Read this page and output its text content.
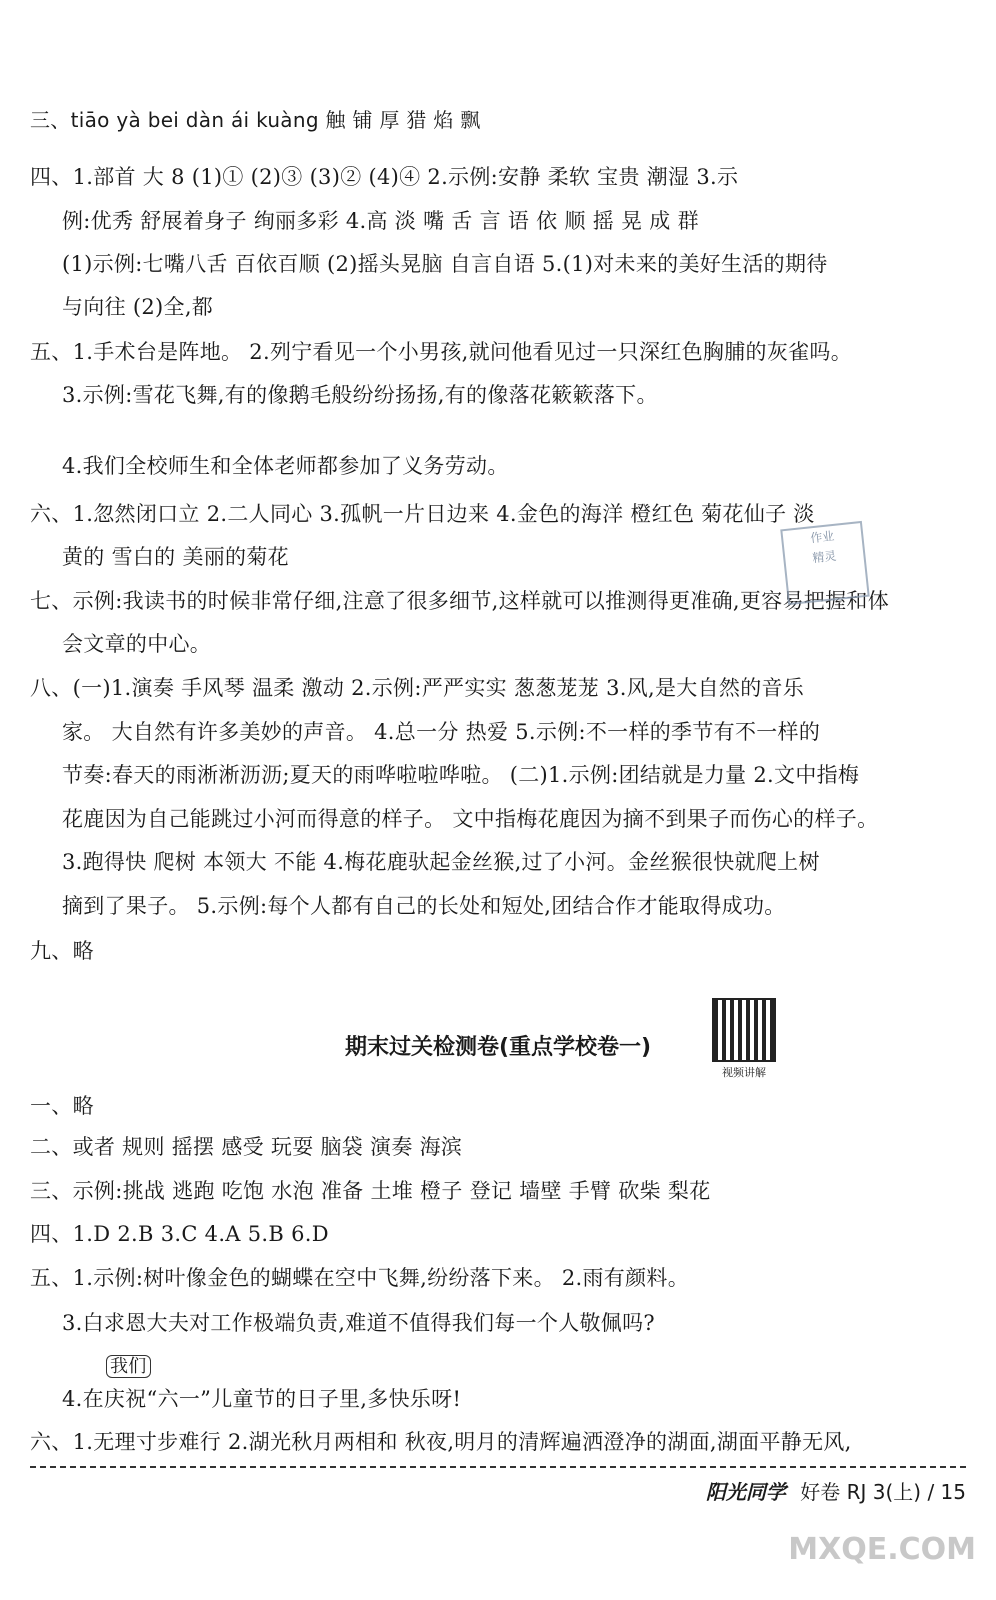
三、tiāo yà bei dàn ái kuàng 触 铺 厚 猎 焰 飘
四、1.部首 大 8 (1)① (2)③ (3)② (4)④ 2.示例:安静 柔软 宝贵 潮湿 3.示
例:优秀 舒展着身子 绚丽多彩 4.高 淡 嘴 舌 言 语 依 顺 摇 晃 成 群
(1)示例:七嘴八舌 百依百顺 (2)摇头晃脑 自言自语 5.(1)对未来的美好生活的期待
与向往 (2)全,都
五、1.手术台是阵地。 2.列宁看见一个小男孩,就问他看见过一只深红色胸脯的灰雀吗。
3.示例:雪花飞舞,有的像鹅毛般纷纷扬扬,有的像落花簌簌落下。
4.我们全校师生和全体老师都参加了义务劳动。
六、1.忽然闭口立 2.二人同心 3.孤帆一片日边来 4.金色的海洋 橙红色 菊花仙子 淡
黄的 雪白的 美丽的菊花
七、示例:我读书的时候非常仔细,注意了很多细节,这样就可以推测得更准确,更容易把握和体
会文章的中心。
八、(一)1.演奏 手风琴 温柔 激动 2.示例:严严实实 葱葱茏茏 3.风,是大自然的音乐
家。 大自然有许多美妙的声音。 4.总一分 热爱 5.示例:不一样的季节有不一样的
节奏:春天的雨淅淅沥沥;夏天的雨哗啦啦哗啦。 (二)1.示例:团结就是力量 2.文中指梅
花鹿因为自己能跳过小河而得意的样子。 文中指梅花鹿因为摘不到果子而伤心的样子。
3.跑得快 爬树 本领大 不能 4.梅花鹿驮起金丝猴,过了小河。金丝猴很快就爬上树
摘到了果子。 5.示例:每个人都有自己的长处和短处,团结合作才能取得成功。
九、略
作业
精灵
期末过关检测卷(重点学校卷一)
视频讲解
一、略
二、或者 规则 摇摆 感受 玩耍 脑袋 演奏 海滨
三、示例:挑战 逃跑 吃饱 水泡 准备 土堆 橙子 登记 墙壁 手臂 砍柴 梨花
四、1.D 2.B 3.C 4.A 5.B 6.D
五、1.示例:树叶像金色的蝴蝶在空中飞舞,纷纷落下来。 2.雨有颜料。
3.白求恩大夫对工作极端负责,难道不值得我们每一个人敬佩吗?
我们
4.在庆祝“六一”儿童节的日子里,多快乐呀!
六、1.无理寸步难行 2.湖光秋月两相和 秋夜,明月的清辉遍洒澄净的湖面,湖面平静无风,
阳光同学 好卷 RJ 3(上) / 15
MXQE.COM
